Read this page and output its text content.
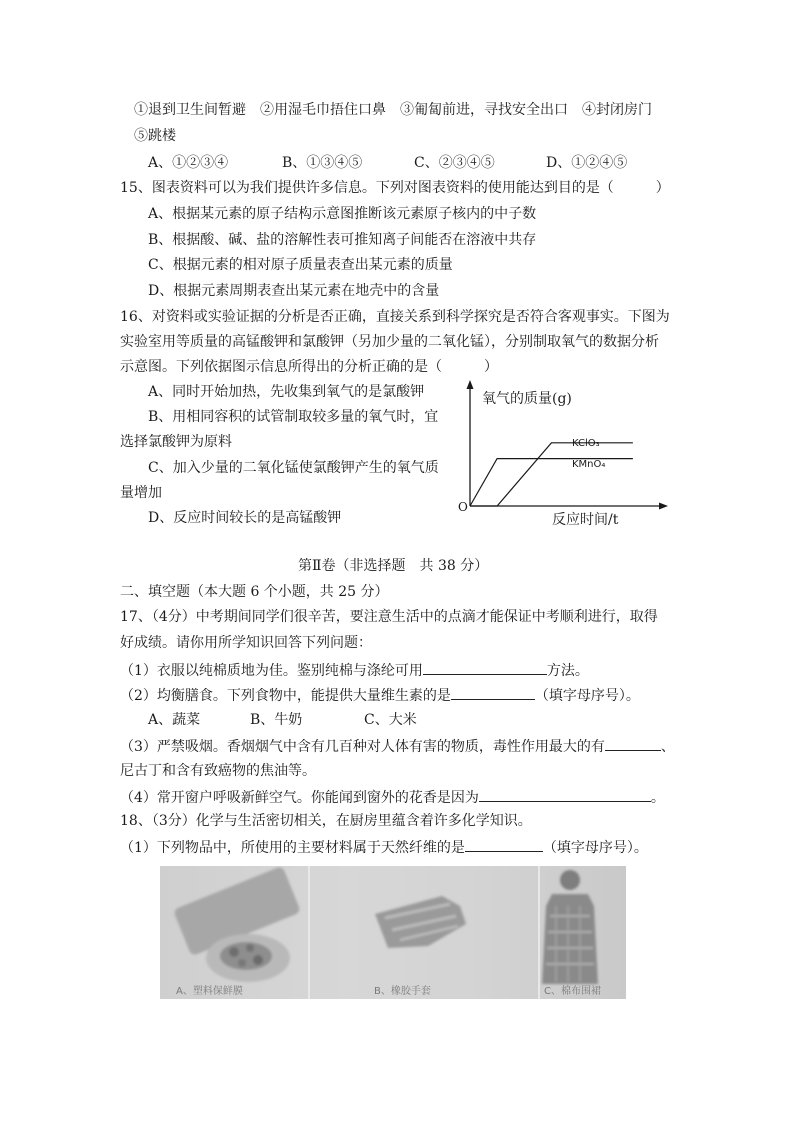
①退到卫生间暂避　②用湿毛巾捂住口鼻　③匍匐前进，寻找安全出口　④封闭房门
⑤跳楼
A、①②③④	B、①③④⑤	C、②③④⑤	D、①②④⑤
15、图表资料可以为我们提供许多信息。下列对图表资料的使用能达到目的是（　　　）
A、根据某元素的原子结构示意图推断该元素原子核内的中子数
B、根据酸、碱、盐的溶解性表可推知离子间能否在溶液中共存
C、根据元素的相对原子质量表查出某元素的质量
D、根据元素周期表查出某元素在地壳中的含量
16、对资料或实验证据的分析是否正确，直接关系到科学探究是否符合客观事实。下图为
实验室用等质量的高锰酸钾和氯酸钾（另加少量的二氧化锰），分别制取氧气的数据分析
示意图。下列依据图示信息所得出的分析正确的是（　　　）
A、同时开始加热，先收集到氧气的是氯酸钾
B、用相同容积的试管制取较多量的氧气时，宜
选择氯酸钾为原料
C、加入少量的二氧化锰使氯酸钾产生的氧气质
量增加
D、反应时间较长的是高锰酸钾
氧气的质量(g)
反应时间/t
O
KClO₃
KMnO₄
第Ⅱ卷（非选择题　共 38 分）
二、填空题（本大题 6 个小题，共 25 分）
17、（4分）中考期间同学们很辛苦，要注意生活中的点滴才能保证中考顺利进行，取得
好成绩。请你用所学知识回答下列问题：
（1）衣服以纯棉质地为佳。鉴别纯棉与涤纶可用	方法。
（2）均衡膳食。下列食物中，能提供大量维生素的是	（填字母序号）。
A、蔬菜	B、牛奶	C、大米
（3）严禁吸烟。香烟烟气中含有几百种对人体有害的物质，毒性作用最大的有	、
尼古丁和含有致癌物的焦油等。
（4）常开窗户呼吸新鲜空气。你能闻到窗外的花香是因为	。
18、（3分）化学与生活密切相关，在厨房里蕴含着许多化学知识。
（1）下列物品中，所使用的主要材料属于天然纤维的是	（填字母序号）。
A、塑料保鲜膜	B、橡胶手套	C、棉布围裙
